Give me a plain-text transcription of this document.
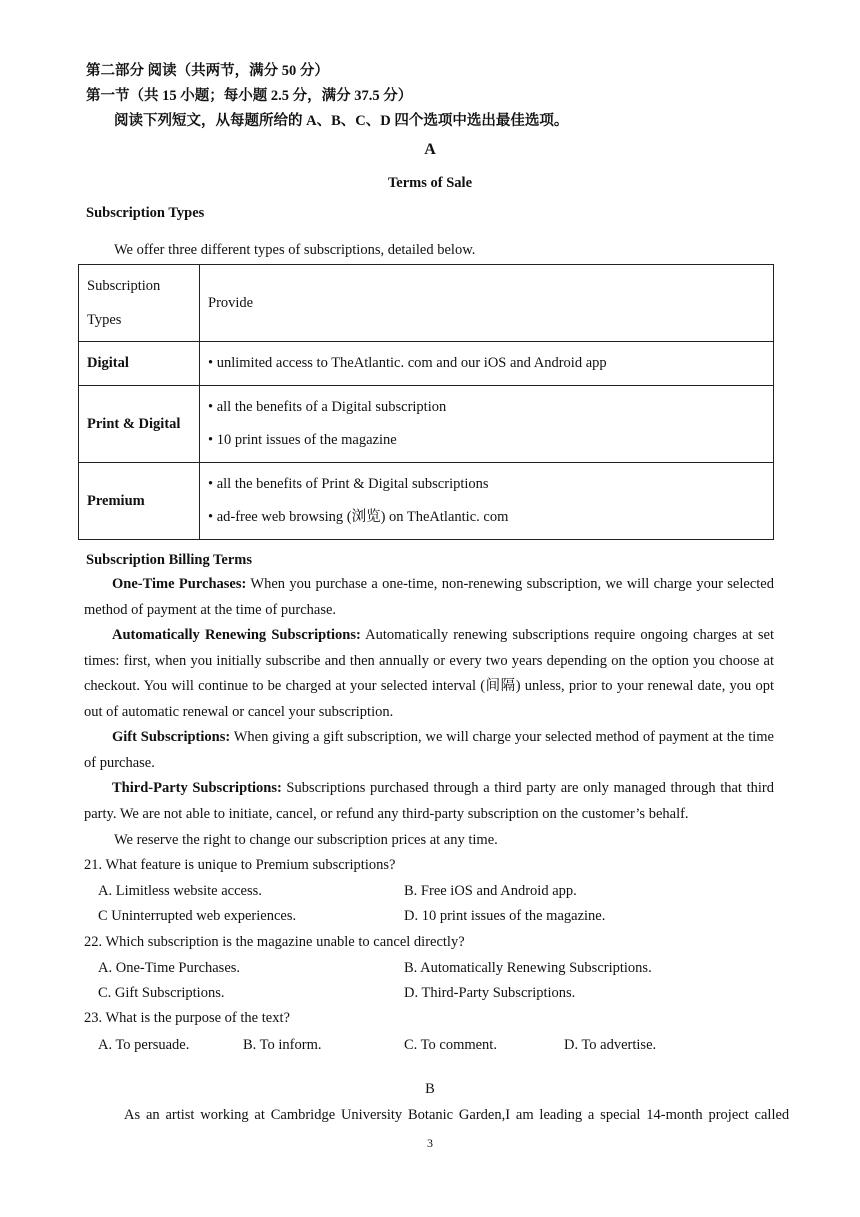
第二部分 阅读（共两节，满分 50 分）
第一节（共 15 小题；每小题 2.5 分，满分 37.5 分）
阅读下列短文，从每题所给的 A、B、C、D 四个选项中选出最佳选项。
A
Terms of Sale
Subscription Types
We offer three different types of subscriptions, detailed below.
Subscription
Types	Provide
Digital	• unlimited access to TheAtlantic. com and our iOS and Android app

Print & Digital	• all the benefits of a Digital subscription
• 10 print issues of the magazine

Premium	• all the benefits of Print & Digital subscriptions
• ad-free web browsing (浏览) on TheAtlantic. com
Subscription Billing Terms
One-Time Purchases: When you purchase a one-time, non-renewing subscription, we will charge your selected method of payment at the time of purchase.
Automatically Renewing Subscriptions: Automatically renewing subscriptions require ongoing charges at set times: first, when you initially subscribe and then annually or every two years depending on the option you choose at checkout. You will continue to be charged at your selected interval (间隔) unless, prior to your renewal date, you opt out of automatic renewal or cancel your subscription.
Gift Subscriptions: When giving a gift subscription, we will charge your selected method of payment at the time of purchase.
Third-Party Subscriptions: Subscriptions purchased through a third party are only managed through that third party. We are not able to initiate, cancel, or refund any third-party subscription on the customer’s behalf.
We reserve the right to change our subscription prices at any time.
21. What feature is unique to Premium subscriptions?
A. Limitless website access.	B. Free iOS and Android app.
C Uninterrupted web experiences.	D. 10 print issues of the magazine.
22. Which subscription is the magazine unable to cancel directly?
A. One-Time Purchases.	B. Automatically Renewing Subscriptions.
C. Gift Subscriptions.	D. Third-Party Subscriptions.
23. What is the purpose of the text?
A. To persuade.	B. To inform.	C. To comment.	D. To advertise.
B
As an artist working at Cambridge University Botanic Garden,I am leading a special 14-month project called
3
